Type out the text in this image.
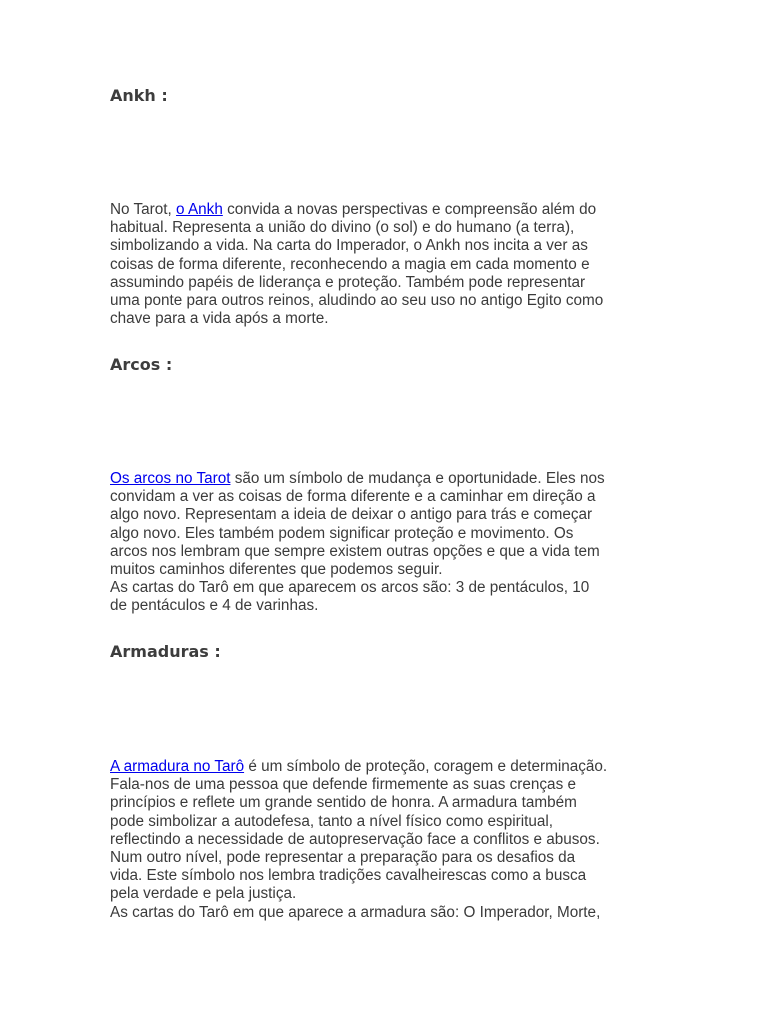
Ankh :

No Tarot, o Ankh convida a novas perspectivas e compreensão além do
habitual. Representa a união do divino (o sol) e do humano (a terra),
simbolizando a vida. Na carta do Imperador, o Ankh nos incita a ver as
coisas de forma diferente, reconhecendo a magia em cada momento e
assumindo papéis de liderança e proteção. Também pode representar
uma ponte para outros reinos, aludindo ao seu uso no antigo Egito como
chave para a vida após a morte.

Arcos :

Os arcos no Tarot são um símbolo de mudança e oportunidade. Eles nos
convidam a ver as coisas de forma diferente e a caminhar em direção a
algo novo. Representam a ideia de deixar o antigo para trás e começar
algo novo. Eles também podem significar proteção e movimento. Os
arcos nos lembram que sempre existem outras opções e que a vida tem
muitos caminhos diferentes que podemos seguir.
As cartas do Tarô em que aparecem os arcos são: 3 de pentáculos, 10
de pentáculos e 4 de varinhas.

Armaduras :

A armadura no Tarô é um símbolo de proteção, coragem e determinação.
Fala-nos de uma pessoa que defende firmemente as suas crenças e
princípios e reflete um grande sentido de honra. A armadura também
pode simbolizar a autodefesa, tanto a nível físico como espiritual,
reflectindo a necessidade de autopreservação face a conflitos e abusos.
Num outro nível, pode representar a preparação para os desafios da
vida. Este símbolo nos lembra tradições cavalheirescas como a busca
pela verdade e pela justiça.
As cartas do Tarô em que aparece a armadura são: O Imperador, Morte,
